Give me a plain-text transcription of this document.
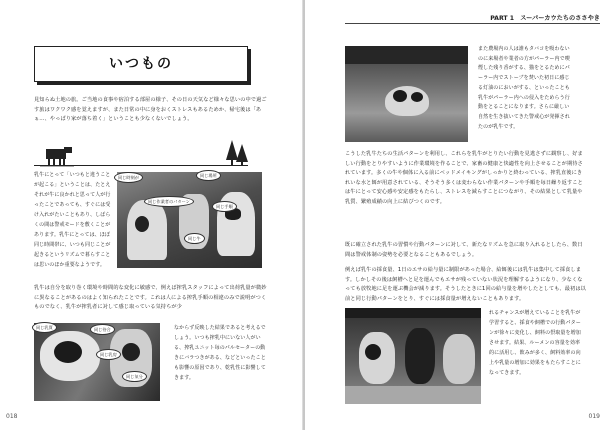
いつもの

見知らぬ土地の旅。ご当地の食事や宿泊する部屋の様子、その日の天気など様々な思いの中で過ごす旅はワクワク感を覚えますが、また日常の中に身をおくストレスもあるためか、帰宅後は「あぁ…、やっぱり家が落ち着く」ということも少なくないでしょう。

乳牛にとって「いつもと違うことが起こる」ということは、たとえそれが牛に良かれと思って人が行ったことであっても、すぐには受け入れがたいこともあり、しばらくの間は警戒モードを敷くことがあります。乳牛にとっては、ほぼ同じ時間帯に、いつも同じことが起きるというリズムで暮らすことは思いのほか重要なようです。

同じ時刻が	同じ場所
同じ作業者のパターン
同じ手順
同じ牛

乳牛は自分を取り巻く環境や時間的な変化に敏感で、例えば搾乳スタッフによって出荷乳量が微妙に異なることがあるのはよく知られたことです。これは人による搾乳手順の相違のみで説明がつくものでなく、乳牛が搾乳者に対して感じ取っている気持ちが少

同じ乳質	同じ待合
同じ乳房
同じ気分

なからず反映した結果であると考えるでしょう。いつも搾乳中にいない人がいる、搾乳ユニット毎のパルセーターの動きにバラつきがある、などといったことも影響の原因であり、乾乳性に影響してきます。

018
PART 1　スーパーカウたちのささやき

また農場内の人は誰もタバコを吸わないのに来場者や業者の方がパーラー内で喫煙した残り香がする、猫をとるためにパーラー内でストーブを焚いた初日に感じる灯油のにおいがする、といったことも乳牛がパーラー内への侵入をためらう行動をとることになります。さらに厳しい自然を生き抜いてきた警戒心が発揮されたのが乳牛です。

こうした乳牛たちの生活パターンを利用し、これらを乳牛がとりたい行動を見逃さずに観察し、好ましい行動をとりやすいように作業環境を作ることで、家畜の健康と快適性を向上させることが期待されています。多くの牛や個体に入る前にベッドメイキングがしっかりと終わっている、搾乳直後にきれいな水と餌が用意されている、そうそう多くは変わらない作業パターンや手順を毎日繰り返すことは牛にとって安心感や安定感をもたらし、ストレスを減らすことにつながり、その結果として乳量や乳質、繁殖成績の向上に結びつくのです。

既に確立された乳牛の習慣や行動パターンに対して、新たなリズムを急に取り入れるとしたら、数日間は警戒体制の姿勢を必要となることもあるでしょう。

例えば乳牛の採食量、1日のエサの給与量に制限があった場合、給餌後には乳牛は集中して採食します。しかしその後は飼槽へと足を運んでもエサが残っていない状況を理解するようになり、少なくなっても放牧地に足を運ぶ機会が減ります。そうしたときに1回の給与量を増やしたとしても、最初は以前と同じ行動パターンをとり、すぐには採食量が増えないこともあります。

れるチャンスが増えていることを乳牛が学習すると、採食や飼槽での行動パターンが徐々に変化し、飼料の摂取量を増加させます。結果、ルーメンの容量を効率的に活用し、飲みが多く、飼料効率の向上や乳量の増加に効果をもたらすことになってきます。

019
